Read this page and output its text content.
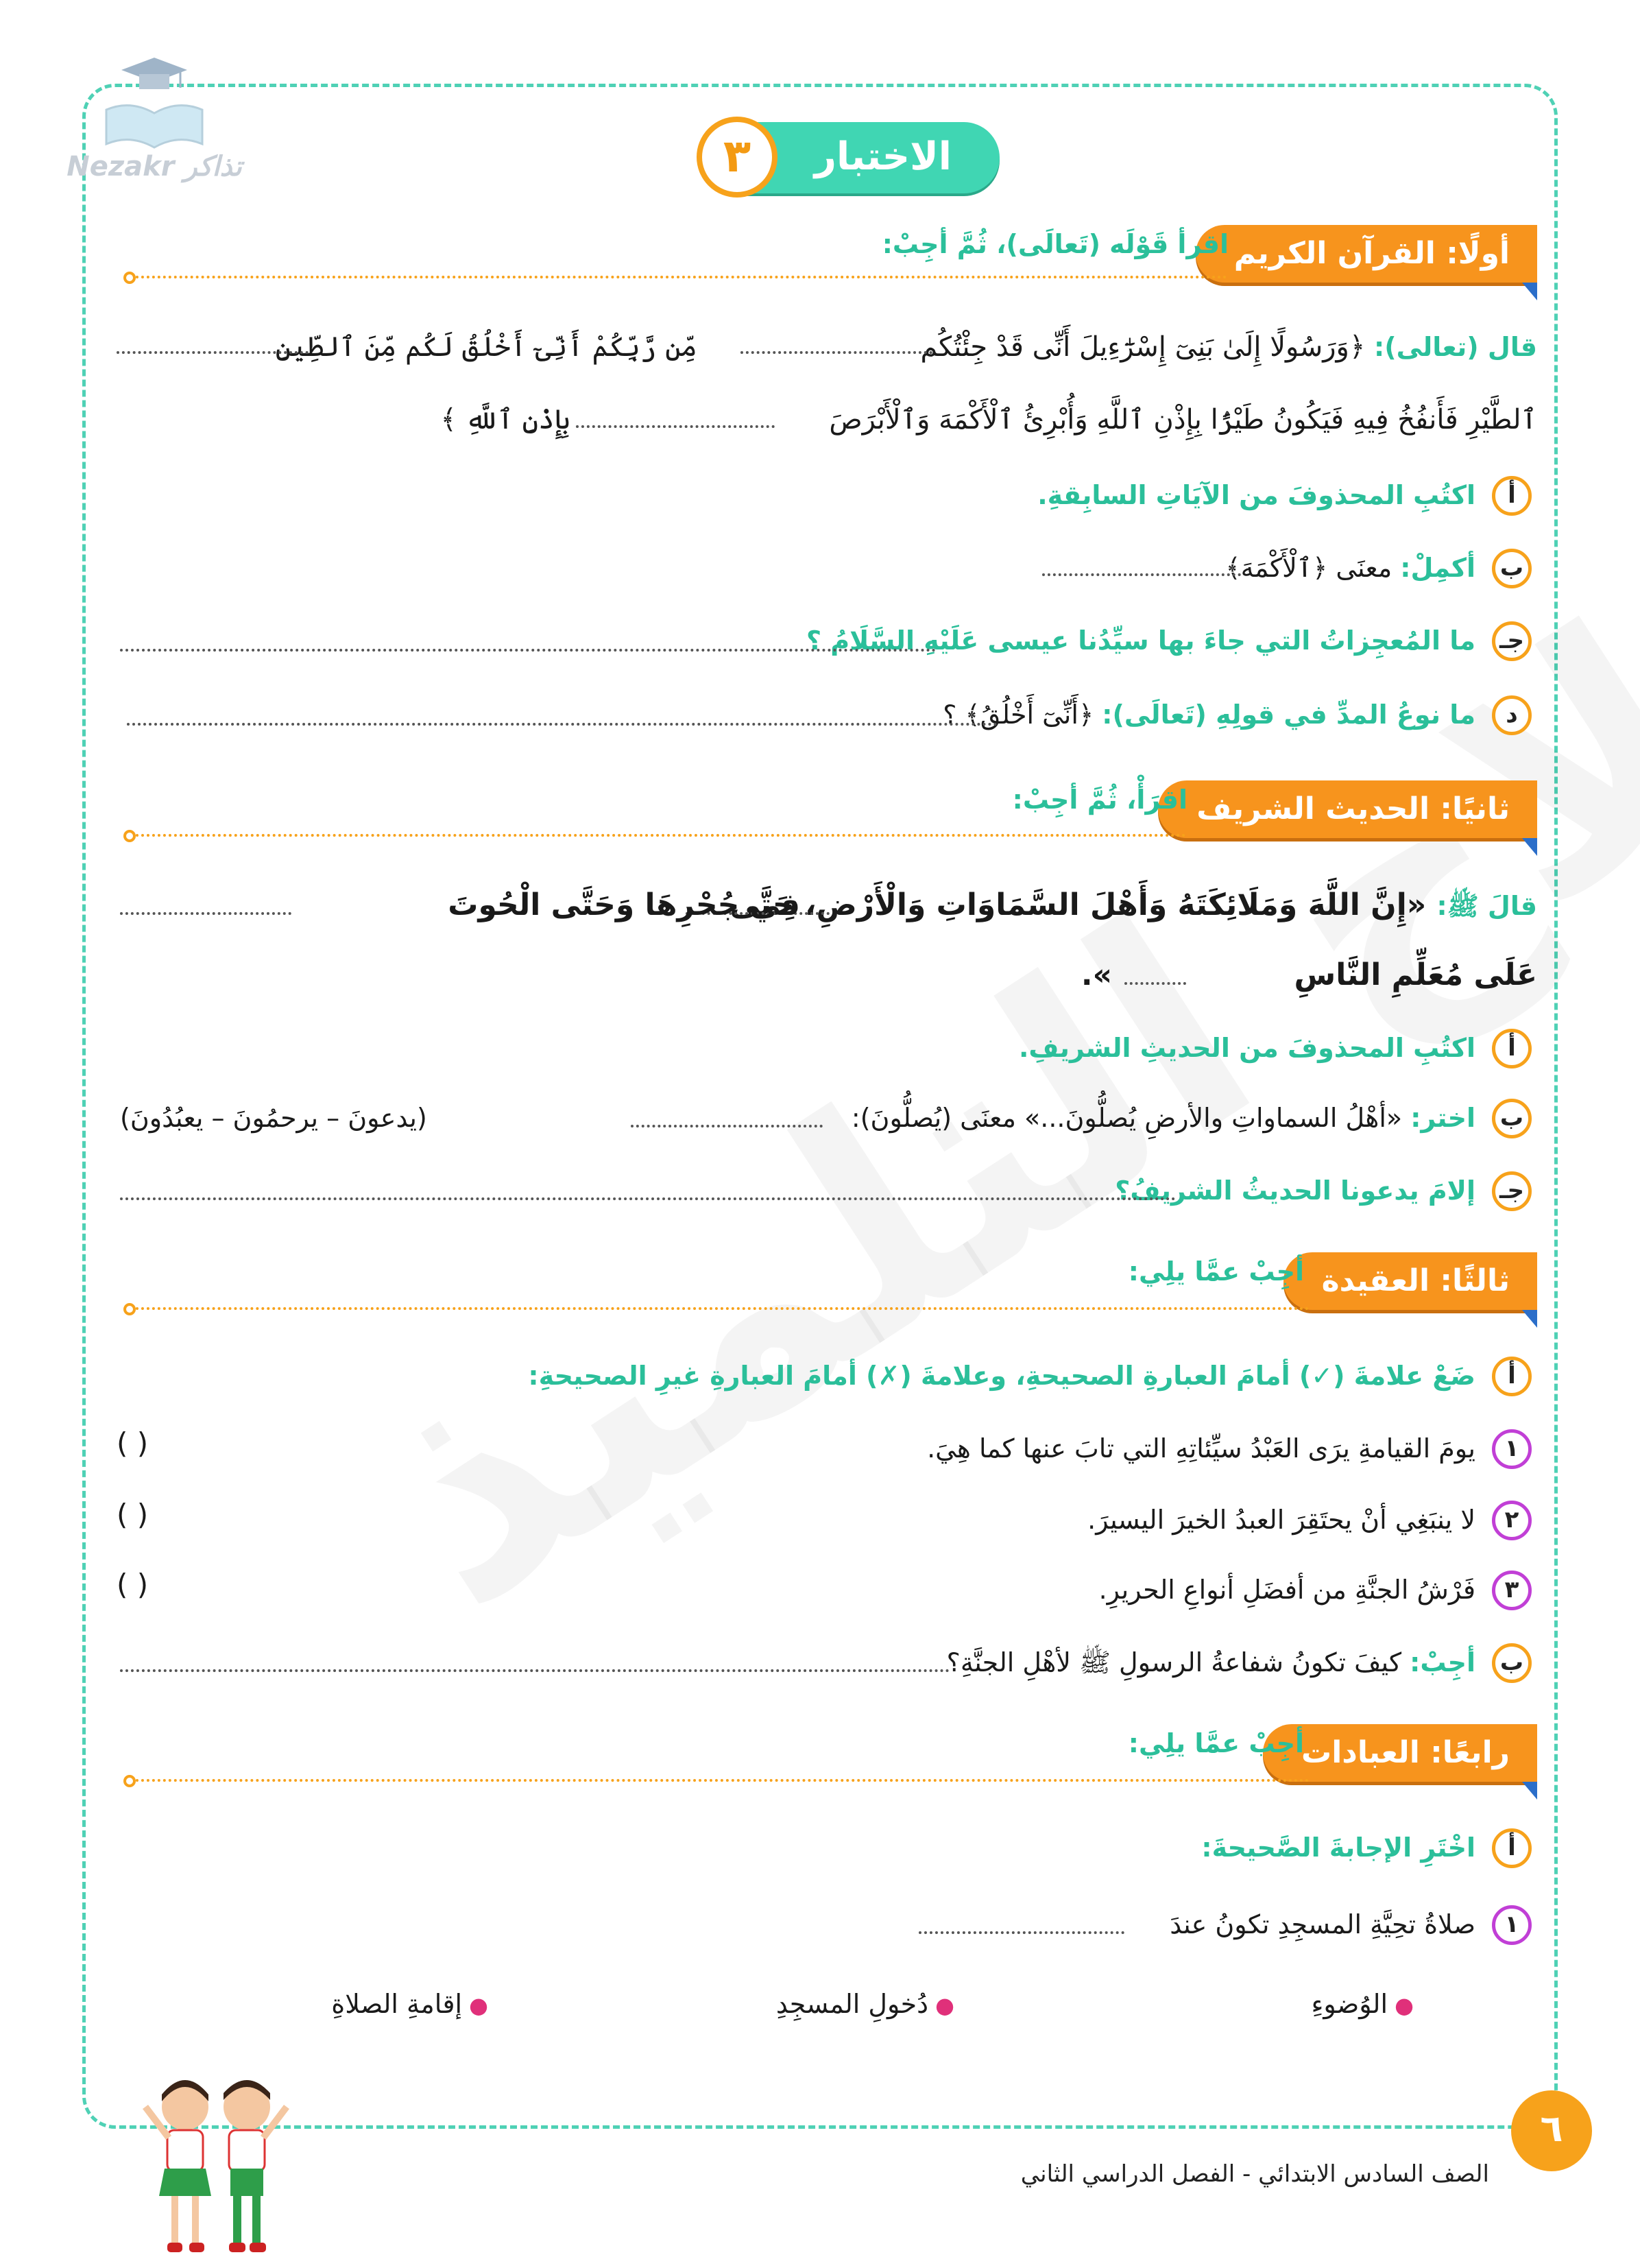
Nezakr تذاكر	الاختبار
٣
أولًا: القرآن الكريم
اقرأ قَوْلَه (تَعالَى)، ثُمَّ أجِبْ:
قال (تعالى): ﴿وَرَسُولًا إِلَىٰ بَنِىٓ إِسْرَٰٓءِيلَ أَنِّى قَدْ جِئْتُكُم
مِّن رَّبِّكُمْ أَنِّىٓ أَخْلُقُ لَكُم مِّنَ ٱلطِّينِ
ٱلطَّيْرِ فَأَنفُخُ فِيهِ فَيَكُونُ طَيْرًۢا بِإِذْنِ ٱللَّهِ وَأُبْرِئُ ٱلْأَكْمَهَ وَٱلْأَبْرَصَ
بِإِذْنِ ٱللَّهِ ﴾
أ
اكتُبِ المحذوفَ من الآيَاتِ السابِقةِ.
ب
أكمِلْ: معنَى ﴿ٱلْأَكْمَهَ﴾
جـ
ما المُعجِزاتُ التي جاءَ بها سيِّدُنا عيسى عَلَيْهِ السَّلَامُ ؟
د
ما نوعُ المدِّ في قولِهِ (تَعالَى): ﴿أَنِّىٓ أَخْلُقُ﴾ ؟
ثانيًا: الحديث الشريف
اقرَأْ، ثُمَّ أجِبْ:
قالَ ﷺ: «إِنَّ اللَّهَ وَمَلَائِكَتَهُ وَأَهْلَ السَّمَاوَاتِ وَالْأَرْضِ، حَتَّى
فِي جُحْرِهَا وَحَتَّى الْحُوتَ
عَلَى مُعَلِّمِ النَّاسِ
».
أ
اكتُبِ المحذوفَ من الحديثِ الشريفِ.
ب
اختر: «أهْلُ السماواتِ والأرضِ يُصلُّونَ...» معنَى (يُصلُّونَ):
(يدعونَ – يرحمُونَ – يعبُدُونَ)
جـ
إلامَ يدعونا الحديثُ الشريفُ؟
ثالثًا: العقيدة
أجِبْ عمَّا يلِي:
أ
ضَعْ علامةَ (✓) أمامَ العبارةِ الصحيحةِ، وعلامةَ (✗) أمامَ العبارةِ غيرِ الصحيحةِ:
١
يومَ القيامةِ يرَى العَبْدُ سيِّئاتِهِ التي تابَ عنها كما هِيَ.
( )
٢
لا ينبَغِي أنْ يحتَقِرَ العبدُ الخيرَ اليسيرَ.
( )
٣
فَرْشُ الجنَّةِ من أفضَلِ أنواعِ الحريرِ.
( )
ب
أجِبْ: كيفَ تكونُ شفاعةُ الرسولِ ﷺ لأهْلِ الجنَّةِ؟
رابعًا: العبادات
أجِبْ عمَّا يلِي:
أ
اخْتَرِ الإجابةَ الصَّحيحةَ:
١
صلاةُ تحِيَّةِ المسجِدِ تكونُ عندَ
●الوُضوءِ
●دُخولِ المسجِدِ
●إقامةِ الصلاةِ
الصف السادس الابتدائي - الفصل الدراسي الثاني
٦
